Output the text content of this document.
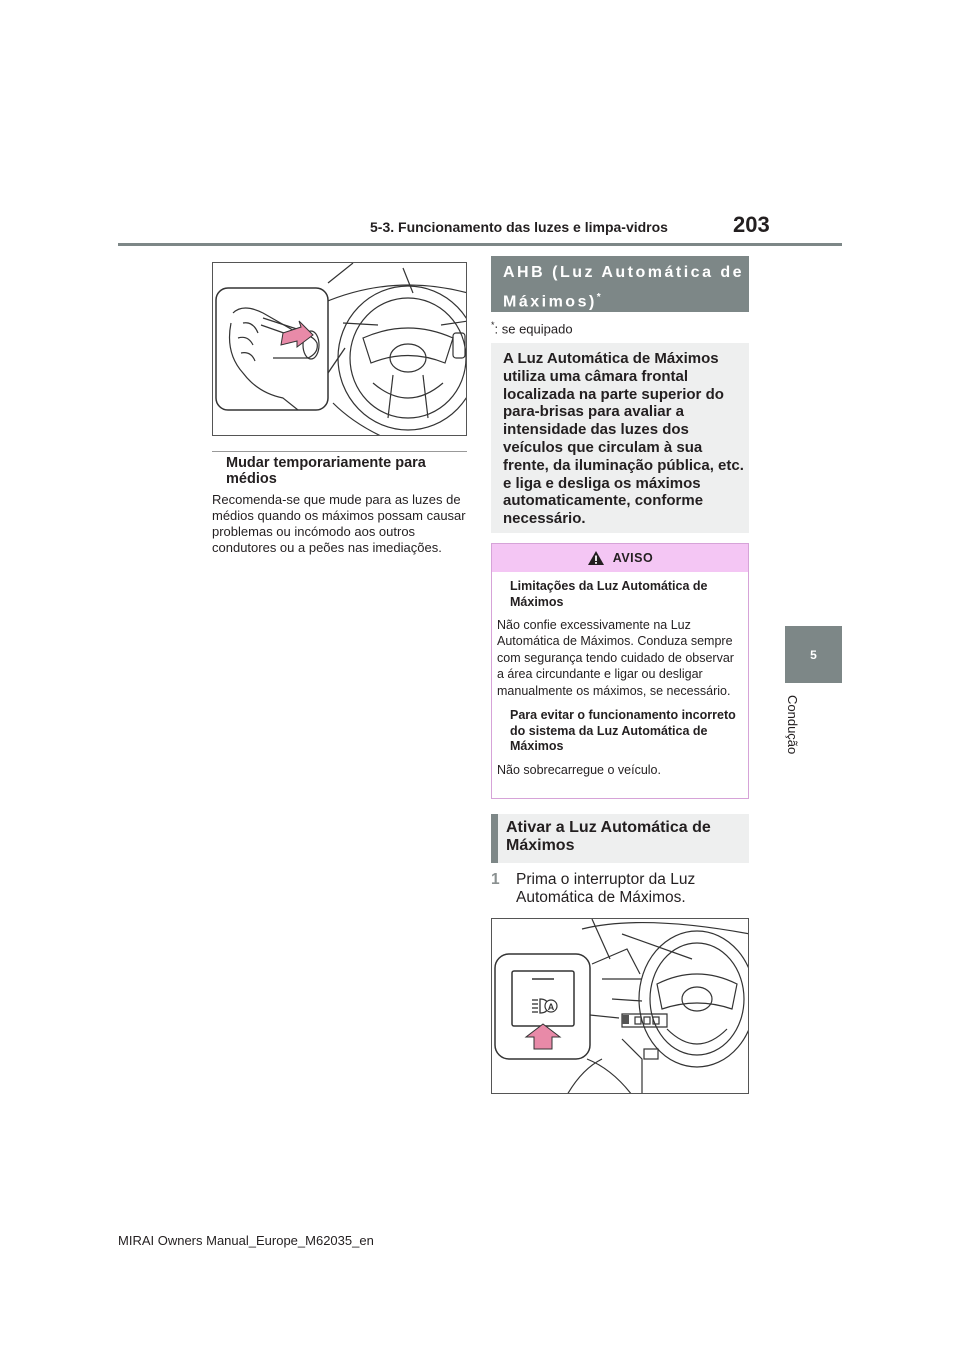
5-3. Funcionamento das luzes e limpa-vidros	203
5
Condução
Mudar temporariamente para médios
Recomenda-se que mude para as luzes de médios quando os máximos possam causar problemas ou incómodo aos outros condutores ou a peões nas imediações.
AHB (Luz Automática de Máximos)*
*: se equipado
A Luz Automática de Máximos utiliza uma câmara frontal localizada na parte superior do para-brisas para avaliar a intensidade das luzes dos veículos que circulam à sua frente, da iluminação pública, etc. e liga e desliga os máximos automaticamente, conforme necessário.
AVISO
Limitações da Luz Automática de Máximos
Não confie excessivamente na Luz Automática de Máximos. Conduza sempre com segurança tendo cuidado de observar a área circundante e ligar ou desligar manualmente os máximos, se necessário.
Para evitar o funcionamento incorreto do sistema da Luz Automática de Máximos
Não sobrecarregue o veículo.
Ativar a Luz Automática de Máximos
1	Prima o interruptor da Luz Automática de Máximos.
A
MIRAI Owners Manual_Europe_M62035_en
